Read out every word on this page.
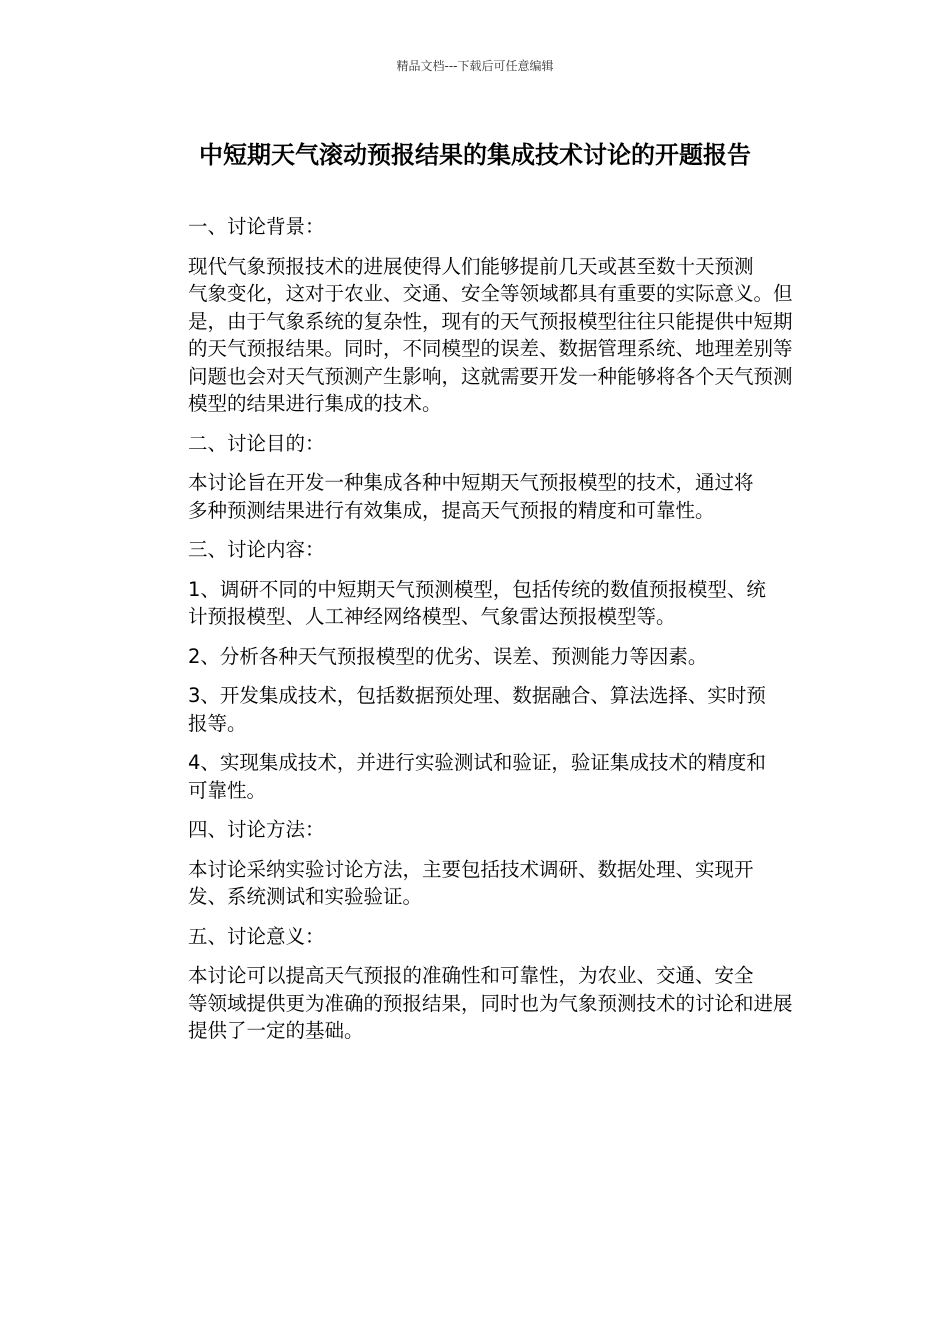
精品文档---下载后可任意编辑
中短期天气滚动预报结果的集成技术讨论的开题报告

一、讨论背景：

现代气象预报技术的进展使得人们能够提前几天或甚至数十天预测
气象变化，这对于农业、交通、安全等领域都具有重要的实际意义。但
是，由于气象系统的复杂性，现有的天气预报模型往往只能提供中短期
的天气预报结果。同时，不同模型的误差、数据管理系统、地理差别等
问题也会对天气预测产生影响，这就需要开发一种能够将各个天气预测
模型的结果进行集成的技术。

二、讨论目的：

本讨论旨在开发一种集成各种中短期天气预报模型的技术，通过将
多种预测结果进行有效集成，提高天气预报的精度和可靠性。

三、讨论内容：

1、调研不同的中短期天气预测模型，包括传统的数值预报模型、统
计预报模型、人工神经网络模型、气象雷达预报模型等。

2、分析各种天气预报模型的优劣、误差、预测能力等因素。

3、开发集成技术，包括数据预处理、数据融合、算法选择、实时预
报等。

4、实现集成技术，并进行实验测试和验证，验证集成技术的精度和
可靠性。

四、讨论方法：

本讨论采纳实验讨论方法，主要包括技术调研、数据处理、实现开
发、系统测试和实验验证。

五、讨论意义：

本讨论可以提高天气预报的准确性和可靠性，为农业、交通、安全
等领域提供更为准确的预报结果，同时也为气象预测技术的讨论和进展
提供了一定的基础。
